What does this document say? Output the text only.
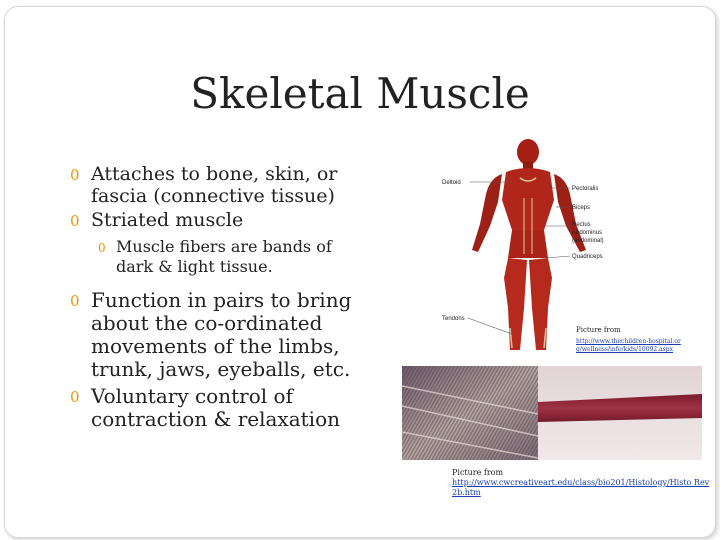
Skeletal Muscle
0 Attaches to bone, skin, or fascia (connective tissue)
0 Striated muscle
0 Muscle fibers are bands of dark & light tissue.
0 Function in pairs to bring about the co-ordinated movements of the limbs, trunk, jaws, eyeballs, etc.
0 Voluntary control of contraction & relaxation
Deltoid
Pectoralis
Biceps
Rectus
Abdominus
(abdominal)
Quadriceps
Tendons
Picture from
http://www.thechildren-hospital.org/wellness/info/kids/10092.aspx
Picture from
http://www.cwcreativeart.edu/class/bio201/Histology/Histo Rev 2b.htm
